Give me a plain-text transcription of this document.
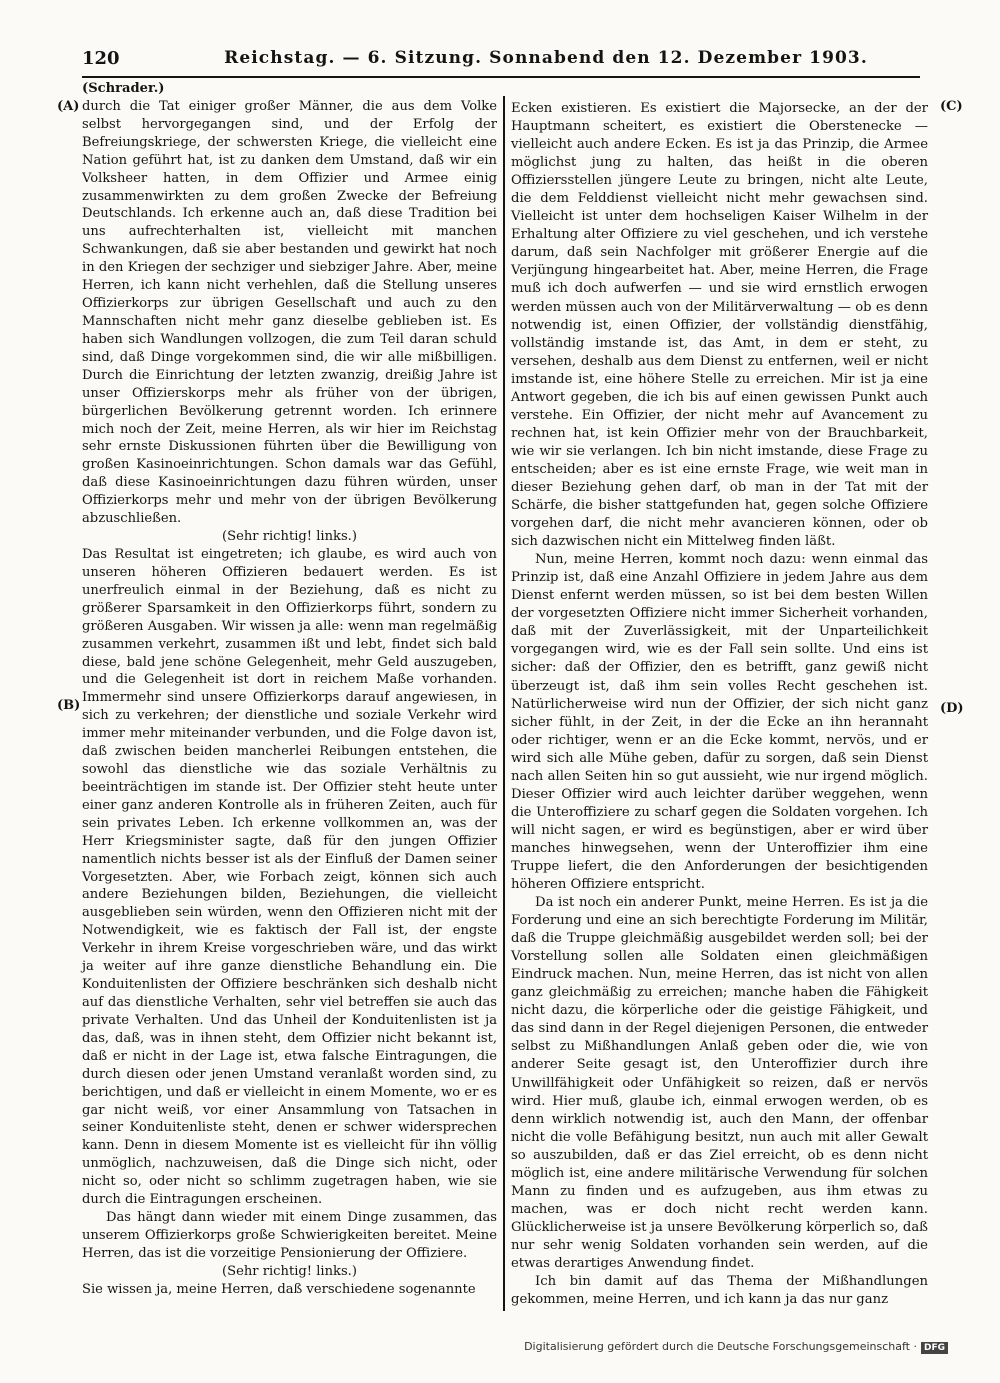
120	Reichstag. — 6. Sitzung. Sonnabend den 12. Dezember 1903.
(A)
(B)
(C)
(D)

(Schrader.)

durch die Tat einiger großer Männer, die aus dem Volke selbst hervorgegangen sind, und der Erfolg der Befreiungskriege, der schwersten Kriege, die vielleicht eine Nation geführt hat, ist zu danken dem Umstand, daß wir ein Volksheer hatten, in dem Offizier und Armee einig zusammenwirkten zu dem großen Zwecke der Befreiung Deutschlands. Ich erkenne auch an, daß diese Tradition bei uns aufrechterhalten ist, vielleicht mit manchen Schwankungen, daß sie aber bestanden und gewirkt hat noch in den Kriegen der sechziger und siebziger Jahre. Aber, meine Herren, ich kann nicht verhehlen, daß die Stellung unseres Offizierkorps zur übrigen Gesellschaft und auch zu den Mannschaften nicht mehr ganz dieselbe geblieben ist. Es haben sich Wandlungen vollzogen, die zum Teil daran schuld sind, daß Dinge vorgekommen sind, die wir alle mißbilligen. Durch die Einrichtung der letzten zwanzig, dreißig Jahre ist unser Offizierskorps mehr als früher von der übrigen, bürgerlichen Bevölkerung getrennt worden. Ich erinnere mich noch der Zeit, meine Herren, als wir hier im Reichstag sehr ernste Diskussionen führten über die Bewilligung von großen Kasinoeinrichtungen. Schon damals war das Gefühl, daß diese Kasinoeinrichtungen dazu führen würden, unser Offizierkorps mehr und mehr von der übrigen Bevölkerung abzuschließen.

(Sehr richtig! links.)

Das Resultat ist eingetreten; ich glaube, es wird auch von unseren höheren Offizieren bedauert werden. Es ist unerfreulich einmal in der Beziehung, daß es nicht zu größerer Sparsamkeit in den Offizierkorps führt, sondern zu größeren Ausgaben. Wir wissen ja alle: wenn man regelmäßig zusammen verkehrt, zusammen ißt und lebt, findet sich bald diese, bald jene schöne Gelegenheit, mehr Geld auszugeben, und die Gelegenheit ist dort in reichem Maße vorhanden. Immermehr sind unsere Offizierkorps darauf angewiesen, in sich zu verkehren; der dienstliche und soziale Verkehr wird immer mehr miteinander verbunden, und die Folge davon ist, daß zwischen beiden mancherlei Reibungen entstehen, die sowohl das dienstliche wie das soziale Verhältnis zu beeinträchtigen im stande ist. Der Offizier steht heute unter einer ganz anderen Kontrolle als in früheren Zeiten, auch für sein privates Leben. Ich erkenne vollkommen an, was der Herr Kriegsminister sagte, daß für den jungen Offizier namentlich nichts besser ist als der Einfluß der Damen seiner Vorgesetzten. Aber, wie Forbach zeigt, können sich auch andere Beziehungen bilden, Beziehungen, die vielleicht ausgeblieben sein würden, wenn den Offizieren nicht mit der Notwendigkeit, wie es faktisch der Fall ist, der engste Verkehr in ihrem Kreise vorgeschrieben wäre, und das wirkt ja weiter auf ihre ganze dienstliche Behandlung ein. Die Konduitenlisten der Offiziere beschränken sich deshalb nicht auf das dienstliche Verhalten, sehr viel betreffen sie auch das private Verhalten. Und das Unheil der Konduitenlisten ist ja das, daß, was in ihnen steht, dem Offizier nicht bekannt ist, daß er nicht in der Lage ist, etwa falsche Eintragungen, die durch diesen oder jenen Umstand veranlaßt worden sind, zu berichtigen, und daß er vielleicht in einem Momente, wo er es gar nicht weiß, vor einer Ansammlung von Tatsachen in seiner Konduitenliste steht, denen er schwer widersprechen kann. Denn in diesem Momente ist es vielleicht für ihn völlig unmöglich, nachzuweisen, daß die Dinge sich nicht, oder nicht so, oder nicht so schlimm zugetragen haben, wie sie durch die Eintragungen erscheinen.

Das hängt dann wieder mit einem Dinge zusammen, das unserem Offizierkorps große Schwierigkeiten bereitet. Meine Herren, das ist die vorzeitige Pensionierung der Offiziere.

(Sehr richtig! links.)

Sie wissen ja, meine Herren, daß verschiedene sogenannte

Ecken existieren. Es existiert die Majorsecke, an der der Hauptmann scheitert, es existiert die Oberstenecke — vielleicht auch andere Ecken. Es ist ja das Prinzip, die Armee möglichst jung zu halten, das heißt in die oberen Offiziersstellen jüngere Leute zu bringen, nicht alte Leute, die dem Felddienst vielleicht nicht mehr gewachsen sind. Vielleicht ist unter dem hochseligen Kaiser Wilhelm in der Erhaltung alter Offiziere zu viel geschehen, und ich verstehe darum, daß sein Nachfolger mit größerer Energie auf die Verjüngung hingearbeitet hat. Aber, meine Herren, die Frage muß ich doch aufwerfen — und sie wird ernstlich erwogen werden müssen auch von der Militärverwaltung — ob es denn notwendig ist, einen Offizier, der vollständig dienstfähig, vollständig imstande ist, das Amt, in dem er steht, zu versehen, deshalb aus dem Dienst zu entfernen, weil er nicht imstande ist, eine höhere Stelle zu erreichen. Mir ist ja eine Antwort gegeben, die ich bis auf einen gewissen Punkt auch verstehe. Ein Offizier, der nicht mehr auf Avancement zu rechnen hat, ist kein Offizier mehr von der Brauchbarkeit, wie wir sie verlangen. Ich bin nicht imstande, diese Frage zu entscheiden; aber es ist eine ernste Frage, wie weit man in dieser Beziehung gehen darf, ob man in der Tat mit der Schärfe, die bisher stattgefunden hat, gegen solche Offiziere vorgehen darf, die nicht mehr avancieren können, oder ob sich dazwischen nicht ein Mittelweg finden läßt.

Nun, meine Herren, kommt noch dazu: wenn einmal das Prinzip ist, daß eine Anzahl Offiziere in jedem Jahre aus dem Dienst enfernt werden müssen, so ist bei dem besten Willen der vorgesetzten Offiziere nicht immer Sicherheit vorhanden, daß mit der Zuverlässigkeit, mit der Unparteilichkeit vorgegangen wird, wie es der Fall sein sollte. Und eins ist sicher: daß der Offizier, den es betrifft, ganz gewiß nicht überzeugt ist, daß ihm sein volles Recht geschehen ist. Natürlicherweise wird nun der Offizier, der sich nicht ganz sicher fühlt, in der Zeit, in der die Ecke an ihn herannaht oder richtiger, wenn er an die Ecke kommt, nervös, und er wird sich alle Mühe geben, dafür zu sorgen, daß sein Dienst nach allen Seiten hin so gut aussieht, wie nur irgend möglich. Dieser Offizier wird auch leichter darüber weggehen, wenn die Unteroffiziere zu scharf gegen die Soldaten vorgehen. Ich will nicht sagen, er wird es begünstigen, aber er wird über manches hinwegsehen, wenn der Unteroffizier ihm eine Truppe liefert, die den Anforderungen der besichtigenden höheren Offiziere entspricht.

Da ist noch ein anderer Punkt, meine Herren. Es ist ja die Forderung und eine an sich berechtigte Forderung im Militär, daß die Truppe gleichmäßig ausgebildet werden soll; bei der Vorstellung sollen alle Soldaten einen gleichmäßigen Eindruck machen. Nun, meine Herren, das ist nicht von allen ganz gleichmäßig zu erreichen; manche haben die Fähigkeit nicht dazu, die körperliche oder die geistige Fähigkeit, und das sind dann in der Regel diejenigen Personen, die entweder selbst zu Mißhandlungen Anlaß geben oder die, wie von anderer Seite gesagt ist, den Unteroffizier durch ihre Unwillfähigkeit oder Unfähigkeit so reizen, daß er nervös wird. Hier muß, glaube ich, einmal erwogen werden, ob es denn wirklich notwendig ist, auch den Mann, der offenbar nicht die volle Befähigung besitzt, nun auch mit aller Gewalt so auszubilden, daß er das Ziel erreicht, ob es denn nicht möglich ist, eine andere militärische Verwendung für solchen Mann zu finden und es aufzugeben, aus ihm etwas zu machen, was er doch nicht recht werden kann. Glücklicherweise ist ja unsere Bevölkerung körperlich so, daß nur sehr wenig Soldaten vorhanden sein werden, auf die etwas derartiges Anwendung findet.

Ich bin damit auf das Thema der Mißhandlungen gekommen, meine Herren, und ich kann ja das nur ganz

Digitalisierung gefördert durch die Deutsche Forschungsgemeinschaft · DFG
